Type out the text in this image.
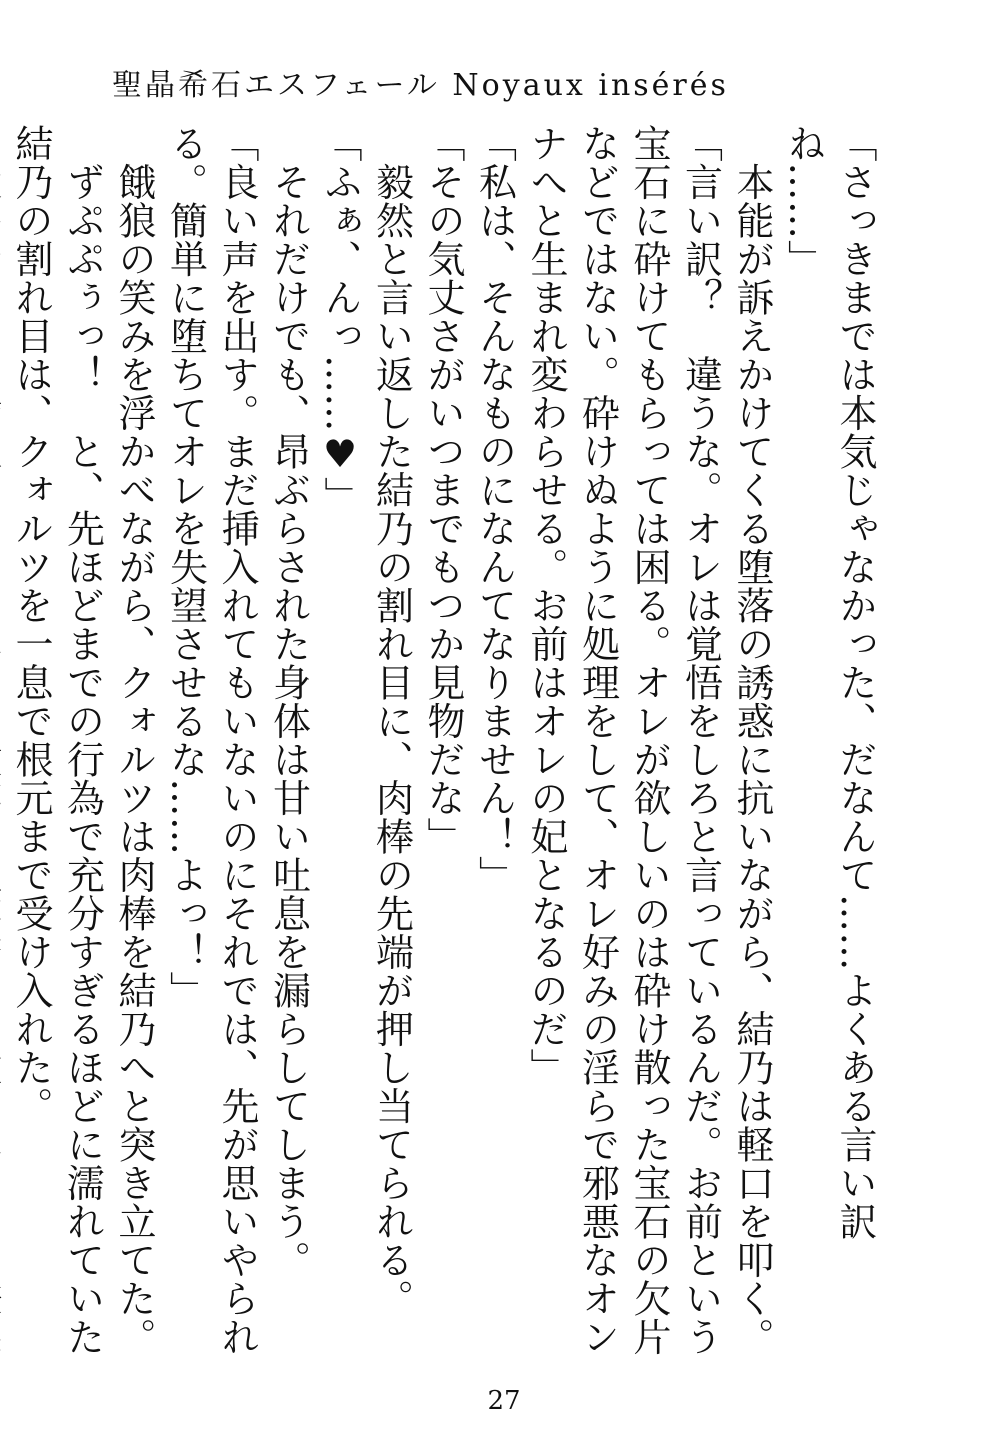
聖晶希石エスフェール Noyaux insérés

「さっきまでは本気じゃなかった、だなんて……よくある言い訳ね……」

　本能が訴えかけてくる堕落の誘惑に抗いながら、結乃は軽口を叩く。

「言い訳？　違うな。オレは覚悟をしろと言っているんだ。お前という宝石に砕けてもらっては困る。オレが欲しいのは砕け散った宝石の欠片などではない。砕けぬように処理をして、オレ好みの淫らで邪悪なオンナへと生まれ変わらせる。お前はオレの妃となるのだ」

「私は、そんなものになんてなりません！」

「その気丈さがいつまでもつか見物だな」

　毅然と言い返した結乃の割れ目に、肉棒の先端が押し当てられる。

「ふぁ、んっ……♥」

　それだけでも、昂ぶらされた身体は甘い吐息を漏らしてしまう。

「良い声を出す。まだ挿入れてもいないのにそれでは、先が思いやられる。簡単に堕ちてオレを失望させるな……よっ！」

　餓狼の笑みを浮かべながら、クォルツは肉棒を結乃へと突き立てた。

　ずぷぷぅっ！　と、先ほどまでの行為で充分すぎるほどに濡れていた結乃の割れ目は、クォルツを一息で根元まで受け入れた。

27
